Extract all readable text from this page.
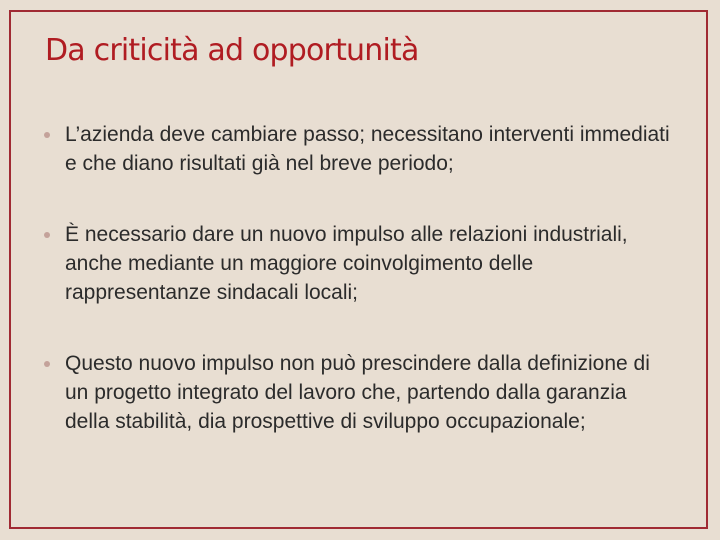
Da criticità ad opportunità
L’azienda deve cambiare passo; necessitano interventi immediati e che diano risultati già nel breve periodo;
È necessario dare un nuovo impulso alle relazioni industriali, anche mediante un maggiore coinvolgimento delle rappresentanze sindacali locali;
Questo nuovo impulso non può prescindere dalla definizione di un progetto integrato del lavoro che, partendo dalla garanzia della stabilità, dia prospettive di sviluppo occupazionale;
